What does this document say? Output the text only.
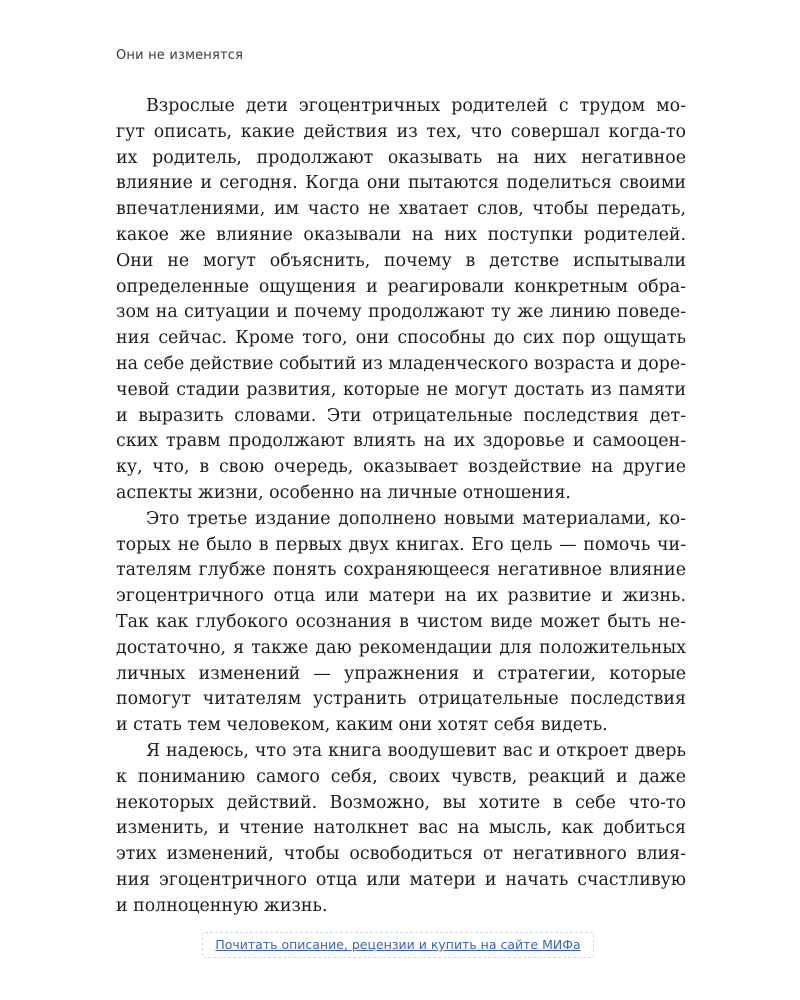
Они не изменятся
Взрослые дети эгоцентричных родителей с трудом мо-
гут описать, какие действия из тех, что совершал когда-то
их родитель, продолжают оказывать на них негативное
влияние и сегодня. Когда они пытаются поделиться своими
впечатлениями, им часто не хватает слов, чтобы передать,
какое же влияние оказывали на них поступки родителей.
Они не могут объяснить, почему в детстве испытывали
определенные ощущения и реагировали конкретным обра-
зом на ситуации и почему продолжают ту же линию поведе-
ния сейчас. Кроме того, они способны до сих пор ощущать
на себе действие событий из младенческого возраста и доре-
чевой стадии развития, которые не могут достать из памяти
и выразить словами. Эти отрицательные последствия дет-
ских травм продолжают влиять на их здоровье и самооцен-
ку, что, в свою очередь, оказывает воздействие на другие
аспекты жизни, особенно на личные отношения.
Это третье издание дополнено новыми материалами, ко-
торых не было в первых двух книгах. Его цель — помочь чи-
тателям глубже понять сохраняющееся негативное влияние
эгоцентричного отца или матери на их развитие и жизнь.
Так как глубокого осознания в чистом виде может быть не-
достаточно, я также даю рекомендации для положительных
личных изменений — упражнения и стратегии, которые
помогут читателям устранить отрицательные последствия
и стать тем человеком, каким они хотят себя видеть.
Я надеюсь, что эта книга воодушевит вас и откроет дверь
к пониманию самого себя, своих чувств, реакций и даже
некоторых действий. Возможно, вы хотите в себе что-то
изменить, и чтение натолкнет вас на мысль, как добиться
этих изменений, чтобы освободиться от негативного влия-
ния эгоцентричного отца или матери и начать счастливую
и полноценную жизнь.
Почитать описание, рецензии и купить на сайте МИФа
